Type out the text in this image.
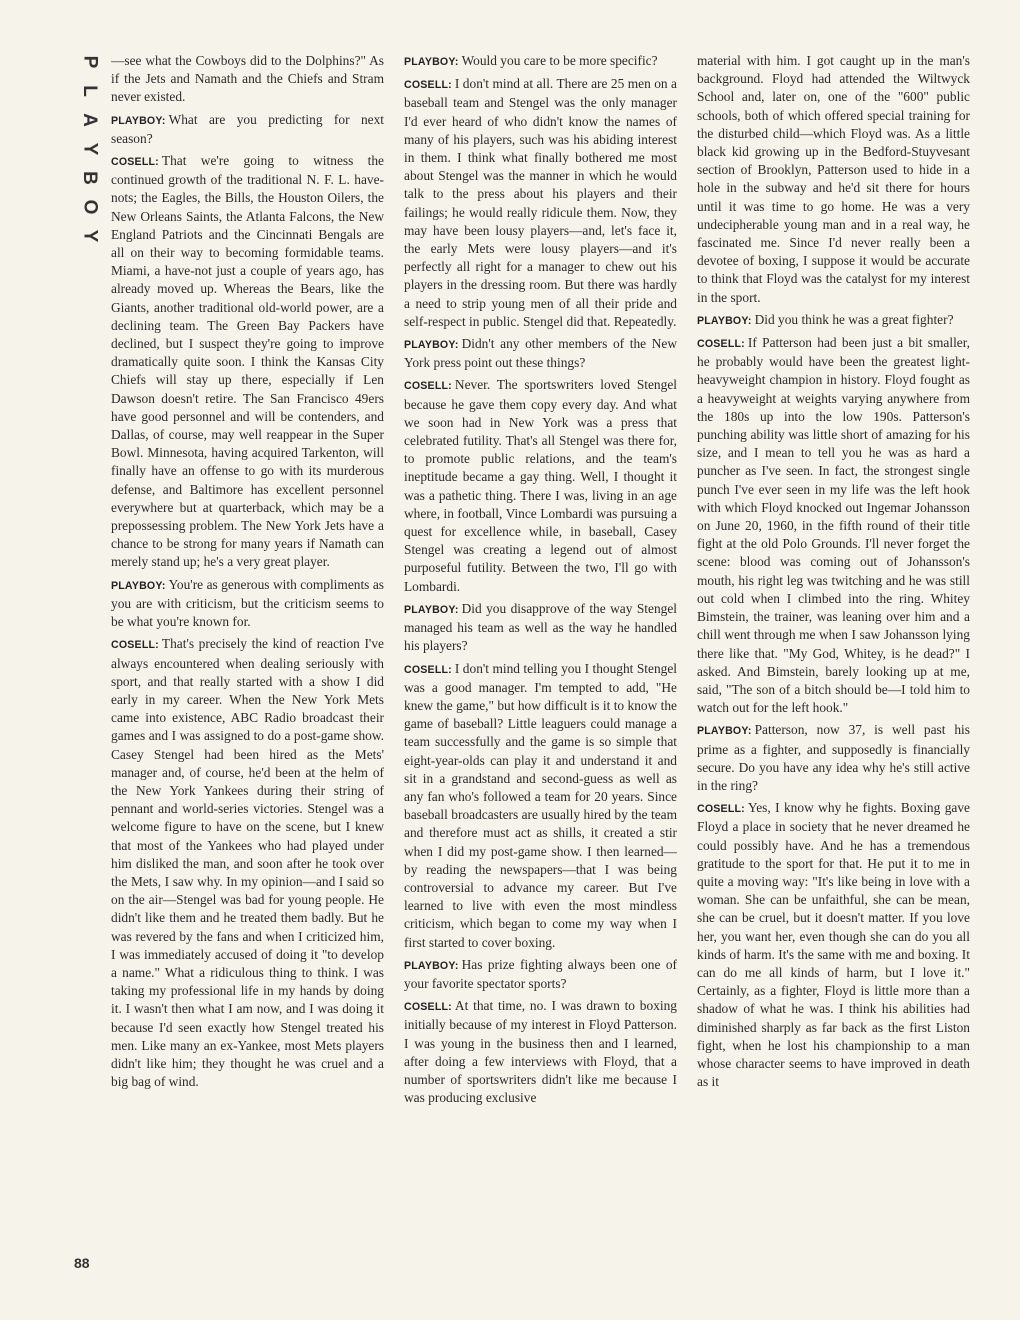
P
L
A
Y
B
O
Y
88

—see what the Cowboys did to the Dolphins?" As if the Jets and Namath and the Chiefs and Stram never existed.

PLAYBOY: What are you predicting for next season?

COSELL: That we're going to witness the continued growth of the traditional N. F. L. have-nots; the Eagles, the Bills, the Houston Oilers, the New Orleans Saints, the Atlanta Falcons, the New England Patriots and the Cincinnati Bengals are all on their way to becoming formidable teams. Miami, a have-not just a couple of years ago, has already moved up. Whereas the Bears, like the Giants, another traditional old-world power, are a declining team. The Green Bay Packers have declined, but I suspect they're going to improve dramatically quite soon. I think the Kansas City Chiefs will stay up there, especially if Len Dawson doesn't retire. The San Francisco 49ers have good personnel and will be contenders, and Dallas, of course, may well reappear in the Super Bowl. Minnesota, having acquired Tarkenton, will finally have an offense to go with its murderous defense, and Baltimore has excellent personnel everywhere but at quarterback, which may be a prepossessing problem. The New York Jets have a chance to be strong for many years if Namath can merely stand up; he's a very great player.

PLAYBOY: You're as generous with compliments as you are with criticism, but the criticism seems to be what you're known for.

COSELL: That's precisely the kind of reaction I've always encountered when dealing seriously with sport, and that really started with a show I did early in my career. When the New York Mets came into existence, ABC Radio broadcast their games and I was assigned to do a post-game show. Casey Stengel had been hired as the Mets' manager and, of course, he'd been at the helm of the New York Yankees during their string of pennant and world-series victories. Stengel was a welcome figure to have on the scene, but I knew that most of the Yankees who had played under him disliked the man, and soon after he took over the Mets, I saw why. In my opinion—and I said so on the air—Stengel was bad for young people. He didn't like them and he treated them badly. But he was revered by the fans and when I criticized him, I was immediately accused of doing it "to develop a name." What a ridiculous thing to think. I was taking my professional life in my hands by doing it. I wasn't then what I am now, and I was doing it because I'd seen exactly how Stengel treated his men. Like many an ex-Yankee, most Mets players didn't like him; they thought he was cruel and a big bag of wind.

PLAYBOY: Would you care to be more specific?

COSELL: I don't mind at all. There are 25 men on a baseball team and Stengel was the only manager I'd ever heard of who didn't know the names of many of his players, such was his abiding interest in them. I think what finally bothered me most about Stengel was the manner in which he would talk to the press about his players and their failings; he would really ridicule them. Now, they may have been lousy players—and, let's face it, the early Mets were lousy players—and it's perfectly all right for a manager to chew out his players in the dressing room. But there was hardly a need to strip young men of all their pride and self-respect in public. Stengel did that. Repeatedly.

PLAYBOY: Didn't any other members of the New York press point out these things?

COSELL: Never. The sportswriters loved Stengel because he gave them copy every day. And what we soon had in New York was a press that celebrated futility. That's all Stengel was there for, to promote public relations, and the team's ineptitude became a gay thing. Well, I thought it was a pathetic thing. There I was, living in an age where, in football, Vince Lombardi was pursuing a quest for excellence while, in baseball, Casey Stengel was creating a legend out of almost purposeful futility. Between the two, I'll go with Lombardi.

PLAYBOY: Did you disapprove of the way Stengel managed his team as well as the way he handled his players?

COSELL: I don't mind telling you I thought Stengel was a good manager. I'm tempted to add, "He knew the game," but how difficult is it to know the game of baseball? Little leaguers could manage a team successfully and the game is so simple that eight-year-olds can play it and understand it and sit in a grandstand and second-guess as well as any fan who's followed a team for 20 years. Since baseball broadcasters are usually hired by the team and therefore must act as shills, it created a stir when I did my post-game show. I then learned—by reading the newspapers—that I was being controversial to advance my career. But I've learned to live with even the most mindless criticism, which began to come my way when I first started to cover boxing.

PLAYBOY: Has prize fighting always been one of your favorite spectator sports?

COSELL: At that time, no. I was drawn to boxing initially because of my interest in Floyd Patterson. I was young in the business then and I learned, after doing a few interviews with Floyd, that a number of sportswriters didn't like me because I was producing exclusive

material with him. I got caught up in the man's background. Floyd had attended the Wiltwyck School and, later on, one of the "600" public schools, both of which offered special training for the disturbed child—which Floyd was. As a little black kid growing up in the Bedford-Stuyvesant section of Brooklyn, Patterson used to hide in a hole in the subway and he'd sit there for hours until it was time to go home. He was a very undecipherable young man and in a real way, he fascinated me. Since I'd never really been a devotee of boxing, I suppose it would be accurate to think that Floyd was the catalyst for my interest in the sport.

PLAYBOY: Did you think he was a great fighter?

COSELL: If Patterson had been just a bit smaller, he probably would have been the greatest light-heavyweight champion in history. Floyd fought as a heavyweight at weights varying anywhere from the 180s up into the low 190s. Patterson's punching ability was little short of amazing for his size, and I mean to tell you he was as hard a puncher as I've seen. In fact, the strongest single punch I've ever seen in my life was the left hook with which Floyd knocked out Ingemar Johansson on June 20, 1960, in the fifth round of their title fight at the old Polo Grounds. I'll never forget the scene: blood was coming out of Johansson's mouth, his right leg was twitching and he was still out cold when I climbed into the ring. Whitey Bimstein, the trainer, was leaning over him and a chill went through me when I saw Johansson lying there like that. "My God, Whitey, is he dead?" I asked. And Bimstein, barely looking up at me, said, "The son of a bitch should be—I told him to watch out for the left hook."

PLAYBOY: Patterson, now 37, is well past his prime as a fighter, and supposedly is financially secure. Do you have any idea why he's still active in the ring?

COSELL: Yes, I know why he fights. Boxing gave Floyd a place in society that he never dreamed he could possibly have. And he has a tremendous gratitude to the sport for that. He put it to me in quite a moving way: "It's like being in love with a woman. She can be unfaithful, she can be mean, she can be cruel, but it doesn't matter. If you love her, you want her, even though she can do you all kinds of harm. It's the same with me and boxing. It can do me all kinds of harm, but I love it." Certainly, as a fighter, Floyd is little more than a shadow of what he was. I think his abilities had diminished sharply as far back as the first Liston fight, when he lost his championship to a man whose character seems to have improved in death as it
